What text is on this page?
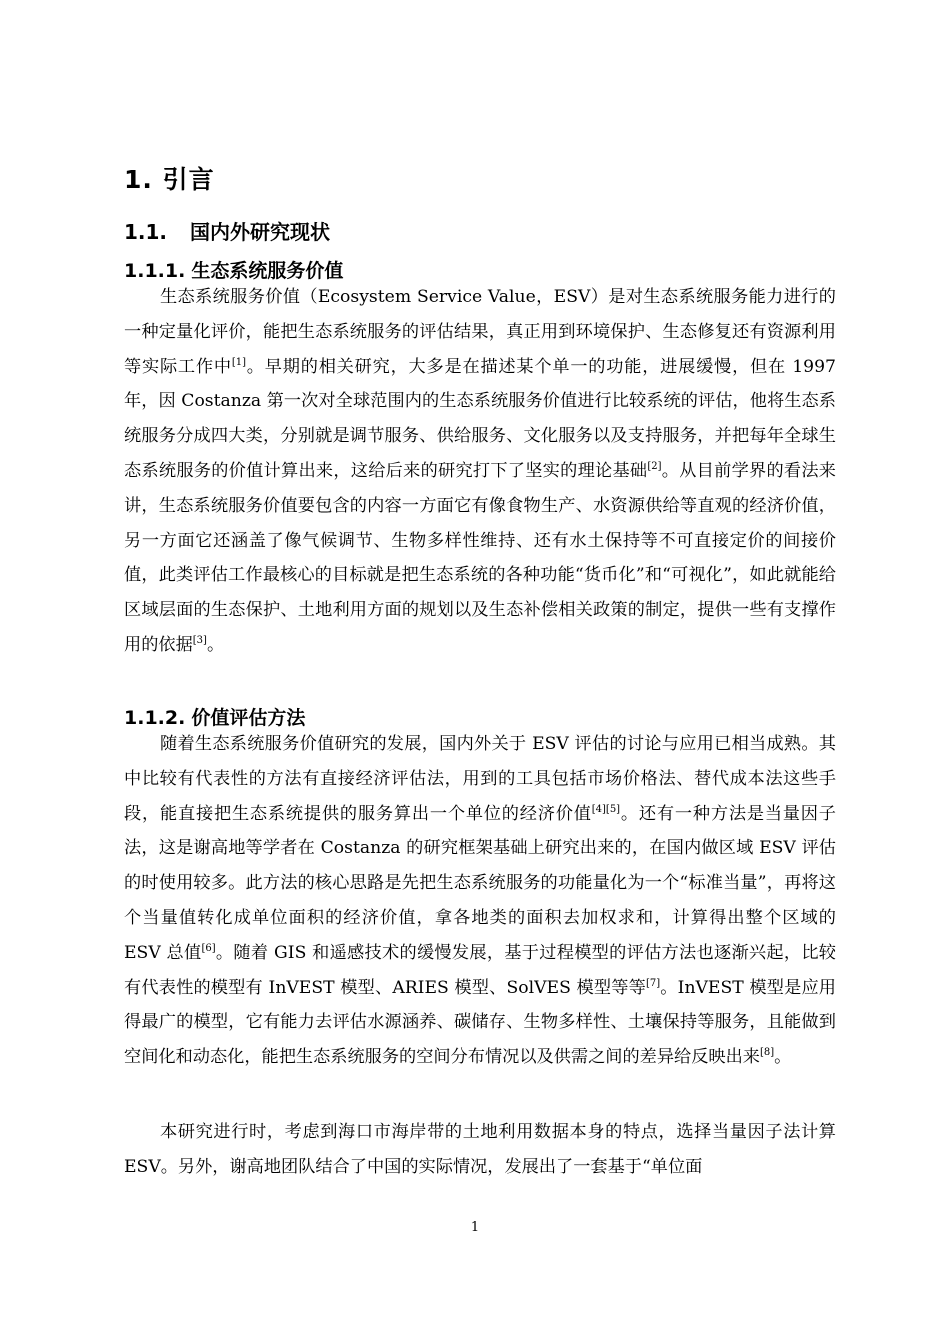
1. 引言
1.1. 国内外研究现状
1.1.1. 生态系统服务价值

生态系统服务价值（Ecosystem Service Value，ESV）是对生态系统服务能力进行的一种定量化评价，能把生态系统服务的评估结果，真正用到环境保护、生态修复还有资源利用等实际工作中[1]。早期的相关研究，大多是在描述某个单一的功能，进展缓慢，但在 1997 年，因 Costanza 第一次对全球范围内的生态系统服务价值进行比较系统的评估，他将生态系统服务分成四大类，分别就是调节服务、供给服务、文化服务以及支持服务，并把每年全球生态系统服务的价值计算出来，这给后来的研究打下了坚实的理论基础[2]。从目前学界的看法来讲，生态系统服务价值要包含的内容一方面它有像食物生产、水资源供给等直观的经济价值，另一方面它还涵盖了像气候调节、生物多样性维持、还有水土保持等不可直接定价的间接价值，此类评估工作最核心的目标就是把生态系统的各种功能“货币化”和“可视化”，如此就能给区域层面的生态保护、土地利用方面的规划以及生态补偿相关政策的制定，提供一些有支撑作用的依据[3]。

1.1.2. 价值评估方法

随着生态系统服务价值研究的发展，国内外关于 ESV 评估的讨论与应用已相当成熟。其中比较有代表性的方法有直接经济评估法，用到的工具包括市场价格法、替代成本法这些手段，能直接把生态系统提供的服务算出一个单位的经济价值[4][5]。还有一种方法是当量因子法，这是谢高地等学者在 Costanza 的研究框架基础上研究出来的，在国内做区域 ESV 评估的时使用较多。此方法的核心思路是先把生态系统服务的功能量化为一个“标准当量”，再将这个当量值转化成单位面积的经济价值，拿各地类的面积去加权求和，计算得出整个区域的 ESV 总值[6]。随着 GIS 和遥感技术的缓慢发展，基于过程模型的评估方法也逐渐兴起，比较有代表性的模型有 InVEST 模型、ARIES 模型、SolVES 模型等等[7]。InVEST 模型是应用得最广的模型，它有能力去评估水源涵养、碳储存、生物多样性、土壤保持等服务，且能做到空间化和动态化，能把生态系统服务的空间分布情况以及供需之间的差异给反映出来[8]。

本研究进行时，考虑到海口市海岸带的土地利用数据本身的特点，选择当量因子法计算 ESV。另外，谢高地团队结合了中国的实际情况，发展出了一套基于“单位面

1
